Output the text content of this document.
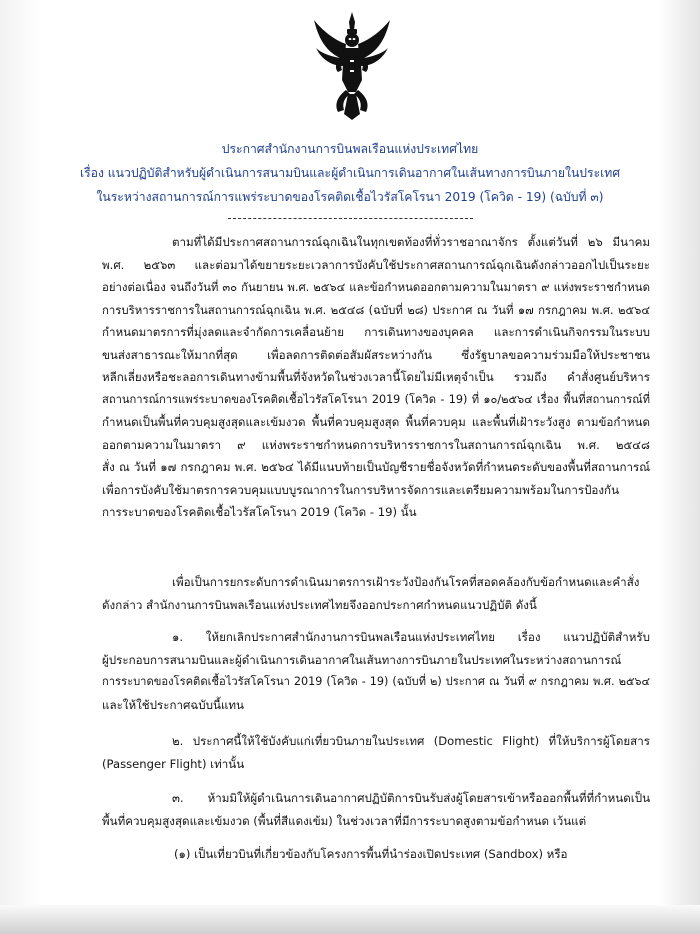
ประกาศสำนักงานการบินพลเรือนแห่งประเทศไทย
เรื่อง แนวปฏิบัติสำหรับผู้ดำเนินการสนามบินและผู้ดำเนินการเดินอากาศในเส้นทางการบินภายในประเทศ
ในระหว่างสถานการณ์การแพร่ระบาดของโรคติดเชื้อไวรัสโคโรนา 2019 (โควิด - 19) (ฉบับที่ ๓)
ตามที่ได้มีประกาศสถานการณ์ฉุกเฉินในทุกเขตท้องที่ทั่วราชอาณาจักร ตั้งแต่วันที่ ๒๖ มีนาคม
พ.ศ. ๒๕๖๓ และต่อมาได้ขยายระยะเวลาการบังคับใช้ประกาศสถานการณ์ฉุกเฉินดังกล่าวออกไปเป็นระยะ
อย่างต่อเนื่อง จนถึงวันที่ ๓๐ กันยายน พ.ศ. ๒๕๖๔ และข้อกำหนดออกตามความในมาตรา ๙ แห่งพระราชกำหนด
การบริหารราชการในสถานการณ์ฉุกเฉิน พ.ศ. ๒๕๔๘ (ฉบับที่ ๒๘) ประกาศ ณ วันที่ ๑๗ กรกฎาคม พ.ศ. ๒๕๖๔
กำหนดมาตรการที่มุ่งลดและจำกัดการเคลื่อนย้าย การเดินทางของบุคคล และการดำเนินกิจกรรมในระบบ
ขนส่งสาธารณะให้มากที่สุด เพื่อลดการติดต่อสัมผัสระหว่างกัน ซึ่งรัฐบาลขอความร่วมมือให้ประชาชน
หลีกเลี่ยงหรือชะลอการเดินทางข้ามพื้นที่จังหวัดในช่วงเวลานี้โดยไม่มีเหตุจำเป็น รวมถึง คำสั่งศูนย์บริหาร
สถานการณ์การแพร่ระบาดของโรคติดเชื้อไวรัสโคโรนา 2019 (โควิด - 19) ที่ ๑๐/๒๕๖๔ เรื่อง พื้นที่สถานการณ์ที่
กำหนดเป็นพื้นที่ควบคุมสูงสุดและเข้มงวด พื้นที่ควบคุมสูงสุด พื้นที่ควบคุม และพื้นที่เฝ้าระวังสูง ตามข้อกำหนด
ออกตามความในมาตรา ๙ แห่งพระราชกำหนดการบริหารราชการในสถานการณ์ฉุกเฉิน พ.ศ. ๒๕๔๘
สั่ง ณ วันที่ ๑๗ กรกฎาคม พ.ศ. ๒๕๖๔ ได้มีแนบท้ายเป็นบัญชีรายชื่อจังหวัดที่กำหนดระดับของพื้นที่สถานการณ์
เพื่อการบังคับใช้มาตรการควบคุมแบบบูรณาการในการบริหารจัดการและเตรียมความพร้อมในการป้องกัน
การระบาดของโรคติดเชื้อไวรัสโคโรนา 2019 (โควิด - 19) นั้น
เพื่อเป็นการยกระดับการดำเนินมาตรการเฝ้าระวังป้องกันโรคที่สอดคล้องกับข้อกำหนดและคำสั่ง
ดังกล่าว สำนักงานการบินพลเรือนแห่งประเทศไทยจึงออกประกาศกำหนดแนวปฏิบัติ ดังนี้
๑. ให้ยกเลิกประกาศสำนักงานการบินพลเรือนแห่งประเทศไทย เรื่อง แนวปฏิบัติสำหรับ
ผู้ประกอบการสนามบินและผู้ดำเนินการเดินอากาศในเส้นทางการบินภายในประเทศในระหว่างสถานการณ์
การระบาดของโรคติดเชื้อไวรัสโคโรนา 2019 (โควิด - 19) (ฉบับที่ ๒) ประกาศ ณ วันที่ ๙ กรกฎาคม พ.ศ. ๒๕๖๔
และให้ใช้ประกาศฉบับนี้แทน
๒. ประกาศนี้ให้ใช้บังคับแก่เที่ยวบินภายในประเทศ (Domestic Flight) ที่ให้บริการผู้โดยสาร
(Passenger Flight) เท่านั้น
๓. ห้ามมิให้ผู้ดำเนินการเดินอากาศปฏิบัติการบินรับส่งผู้โดยสารเข้าหรือออกพื้นที่ที่กำหนดเป็น
พื้นที่ควบคุมสูงสุดและเข้มงวด (พื้นที่สีแดงเข้ม) ในช่วงเวลาที่มีการระบาดสูงตามข้อกำหนด เว้นแต่
(๑) เป็นเที่ยวบินที่เกี่ยวข้องกับโครงการพื้นที่นำร่องเปิดประเทศ (Sandbox) หรือ
